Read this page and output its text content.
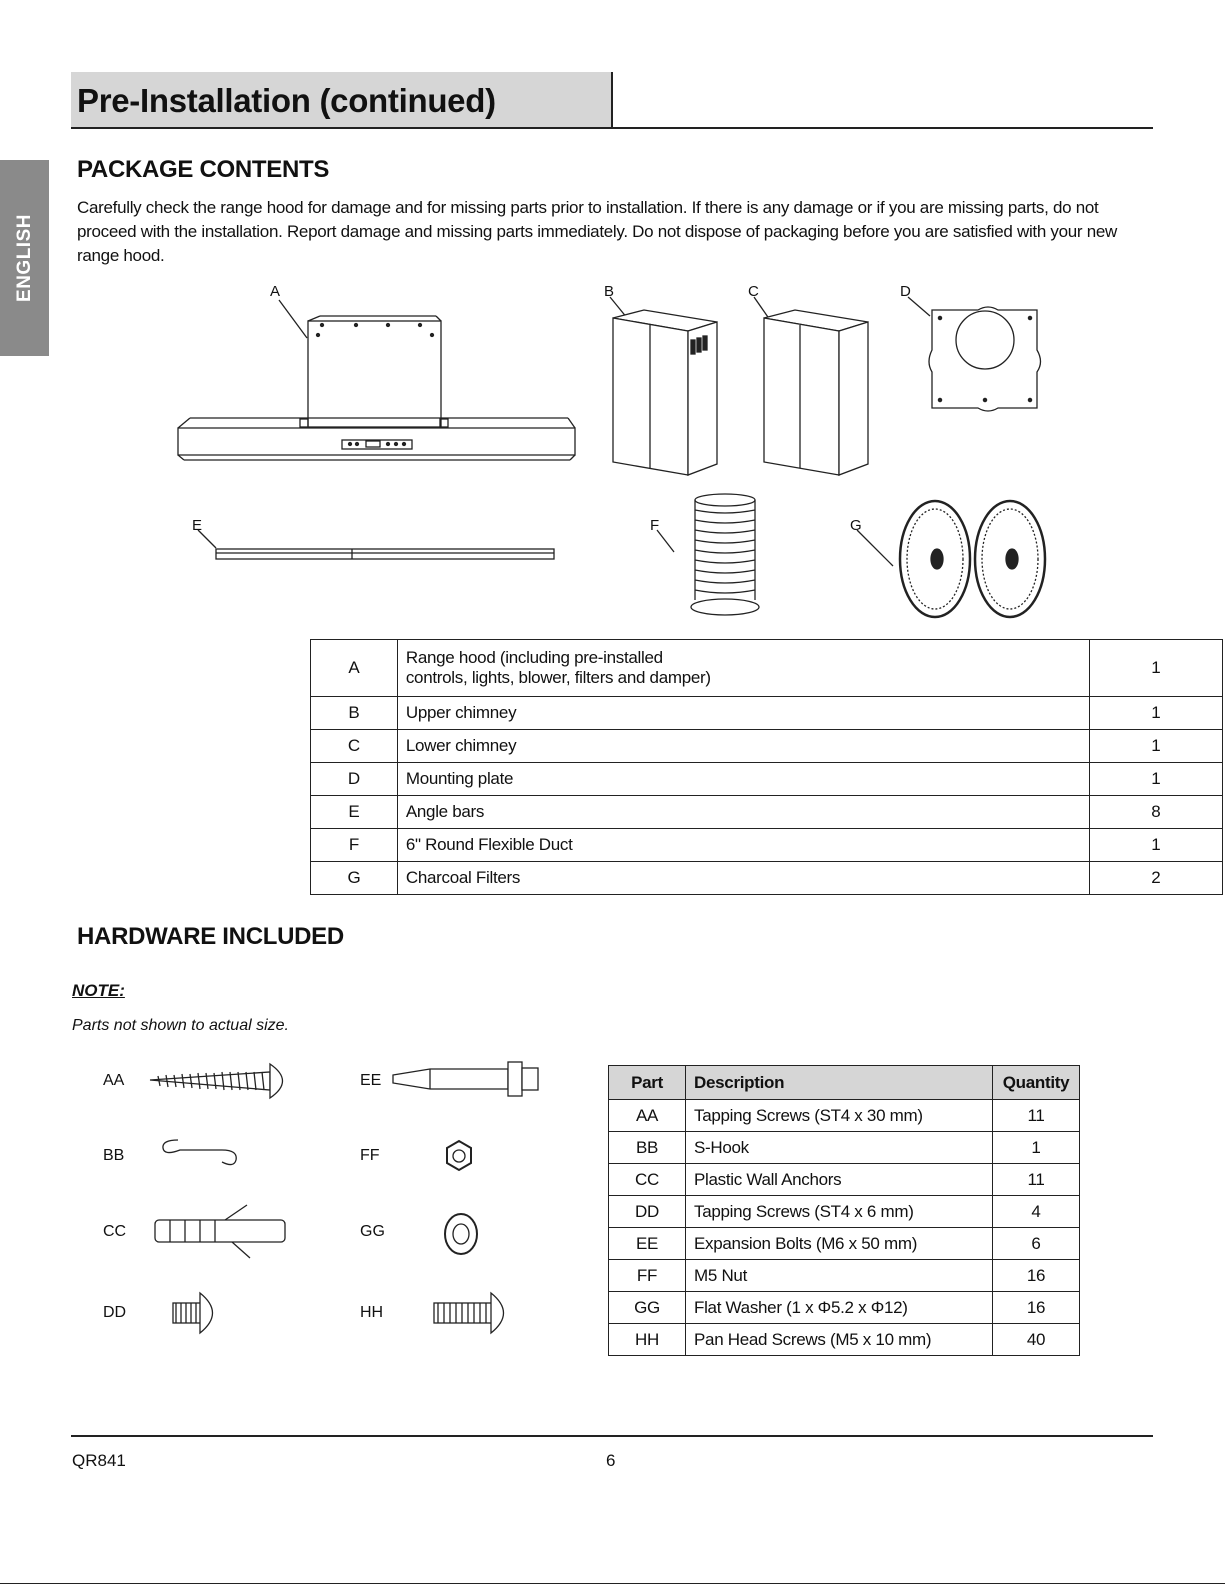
Pre-Installation (continued)
ENGLISH
PACKAGE CONTENTS

Carefully check the range hood for damage and for missing parts prior to installation. If there is any damage or if you are missing parts, do not proceed with the installation. Report damage and missing parts immediately. Do not dispose of packaging before you are satisfied with your new range hood.

A	B	C	D
E	F	G
A	Range hood (including pre-installed
controls, lights, blower, filters and damper)	1
B	Upper chimney	1
C	Lower chimney	1
D	Mounting plate	1
E	Angle bars	8
F	6" Round Flexible Duct	1
G	Charcoal Filters	2
HARDWARE INCLUDED

NOTE:

Parts not shown to actual size.

AA
BB
CC
DD
EE
FF
GG
HH
Part	Description	Quantity
AA	Tapping Screws (ST4 x 30 mm)	11
BB	S-Hook	1
CC	Plastic Wall Anchors	11
DD	Tapping Screws (ST4 x 6 mm)	4
EE	Expansion Bolts (M6 x 50 mm)	6
FF	M5 Nut	16
GG	Flat Washer (1 x Φ5.2 x Φ12)	16
HH	Pan Head Screws (M5 x 10 mm)	40
QR841	6
